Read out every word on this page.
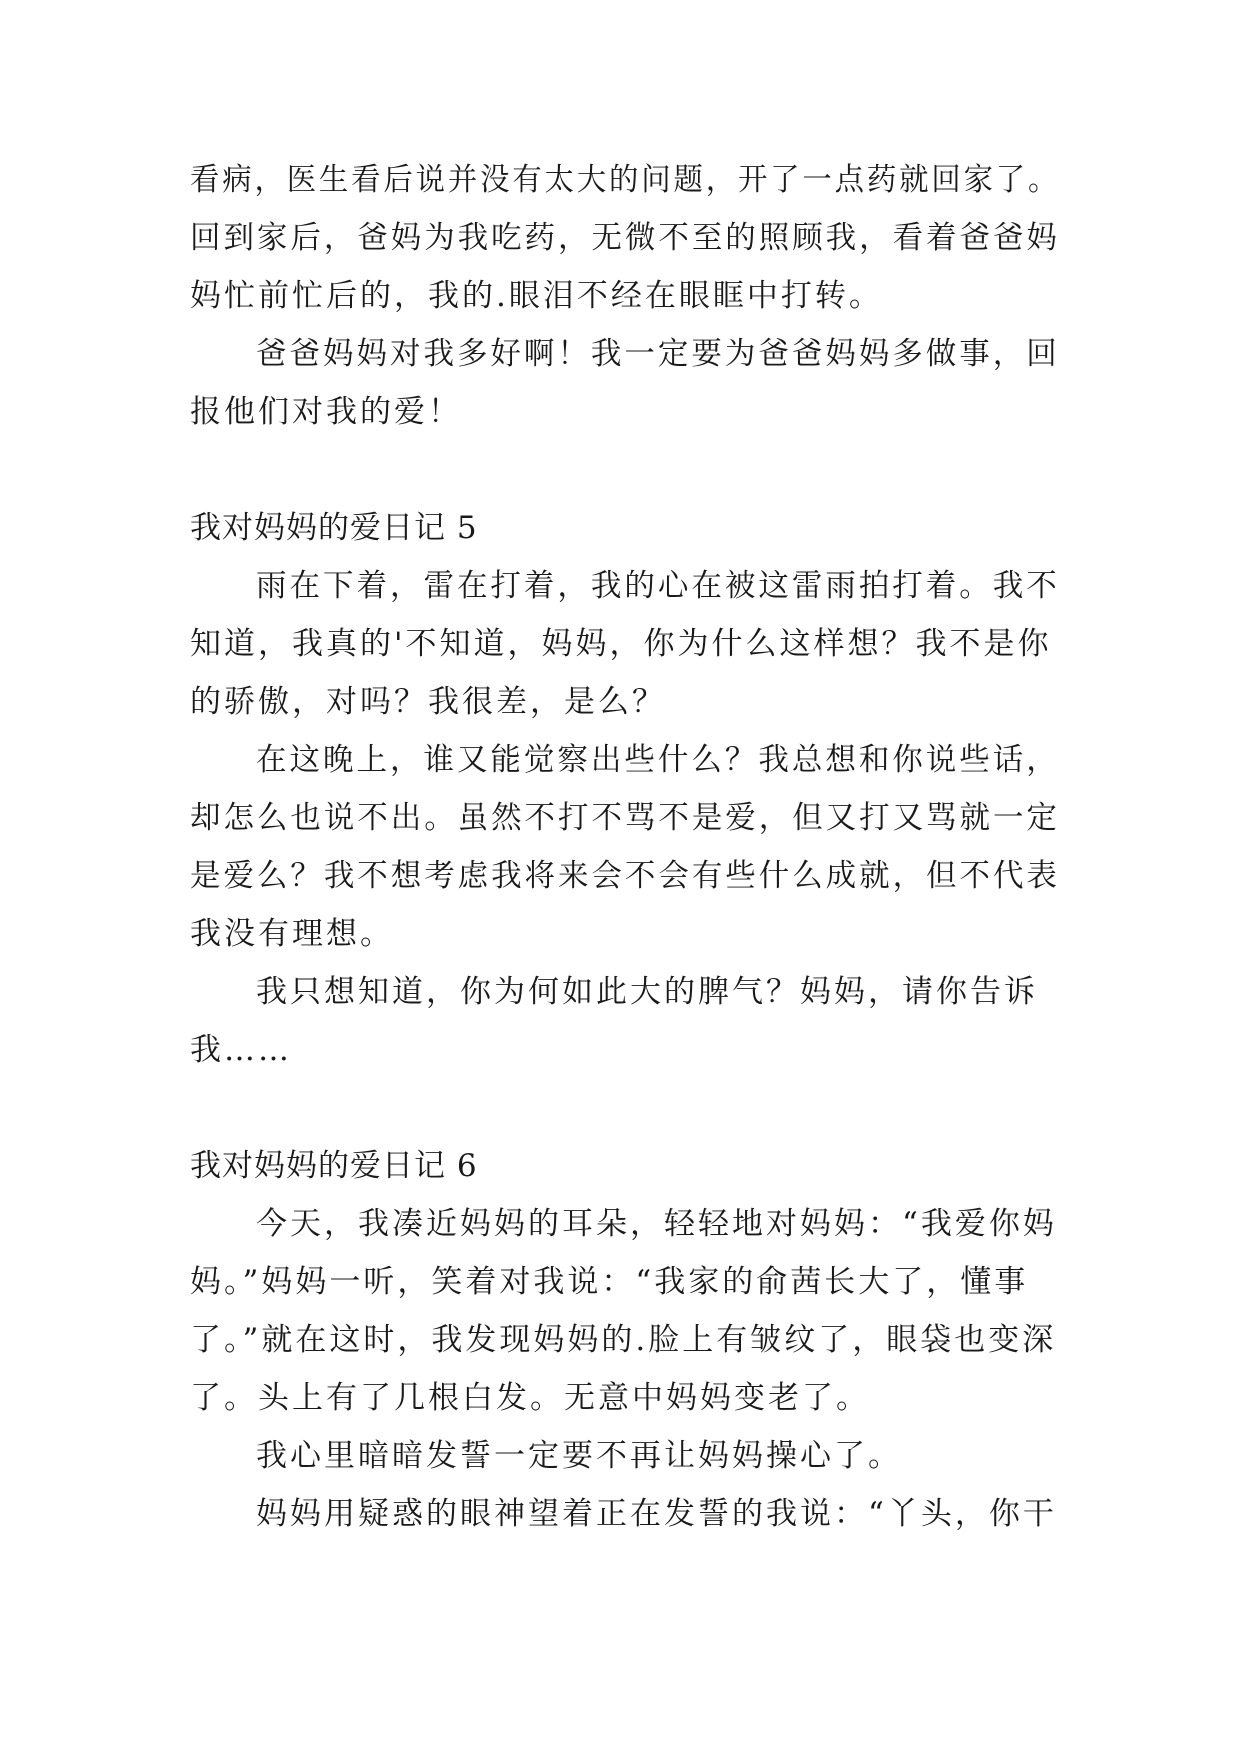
看病，医生看后说并没有太大的问题，开了一点药就回家了。
回到家后，爸妈为我吃药，无微不至的照顾我，看着爸爸妈
妈忙前忙后的，我的.眼泪不经在眼眶中打转。
爸爸妈妈对我多好啊！我一定要为爸爸妈妈多做事，回
报他们对我的爱！
我对妈妈的爱日记 5
雨在下着，雷在打着，我的心在被这雷雨拍打着。我不
知道，我真的'不知道，妈妈，你为什么这样想？我不是你
的骄傲，对吗？我很差，是么？
在这晚上，谁又能觉察出些什么？我总想和你说些话，
却怎么也说不出。虽然不打不骂不是爱，但又打又骂就一定
是爱么？我不想考虑我将来会不会有些什么成就，但不代表
我没有理想。
我只想知道，你为何如此大的脾气？妈妈，请你告诉
我……
我对妈妈的爱日记 6
今天，我凑近妈妈的耳朵，轻轻地对妈妈：“我爱你妈
妈。”妈妈一听，笑着对我说：“我家的俞茜长大了，懂事
了。”就在这时，我发现妈妈的.脸上有皱纹了，眼袋也变深
了。头上有了几根白发。无意中妈妈变老了。
我心里暗暗发誓一定要不再让妈妈操心了。
妈妈用疑惑的眼神望着正在发誓的我说：“丫头，你干
